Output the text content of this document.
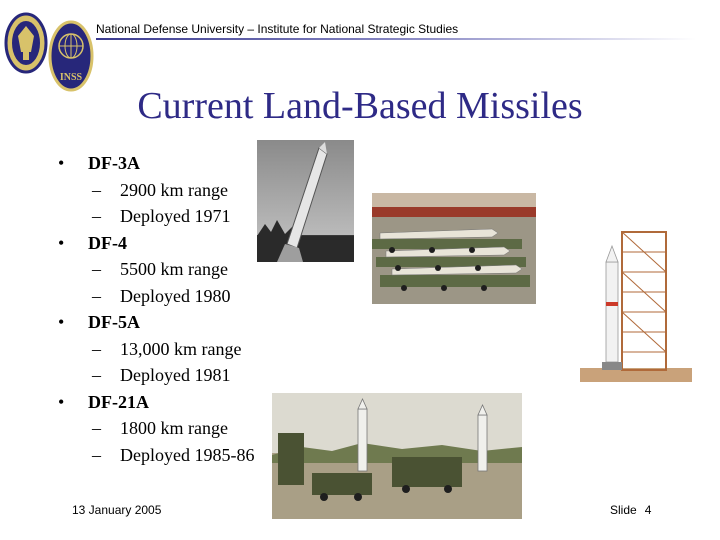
INSS
National Defense University – Institute for National Strategic Studies
Current Land-Based Missiles
•	DF-3A
–	2900 km range
–	Deployed 1971
•	DF-4
–	5500 km range
–	Deployed 1980
•	DF-5A
–	13,000 km range
–	Deployed 1981
•	DF-21A
–	1800 km range
–	Deployed 1985-86
13 January 2005	Slide 4
